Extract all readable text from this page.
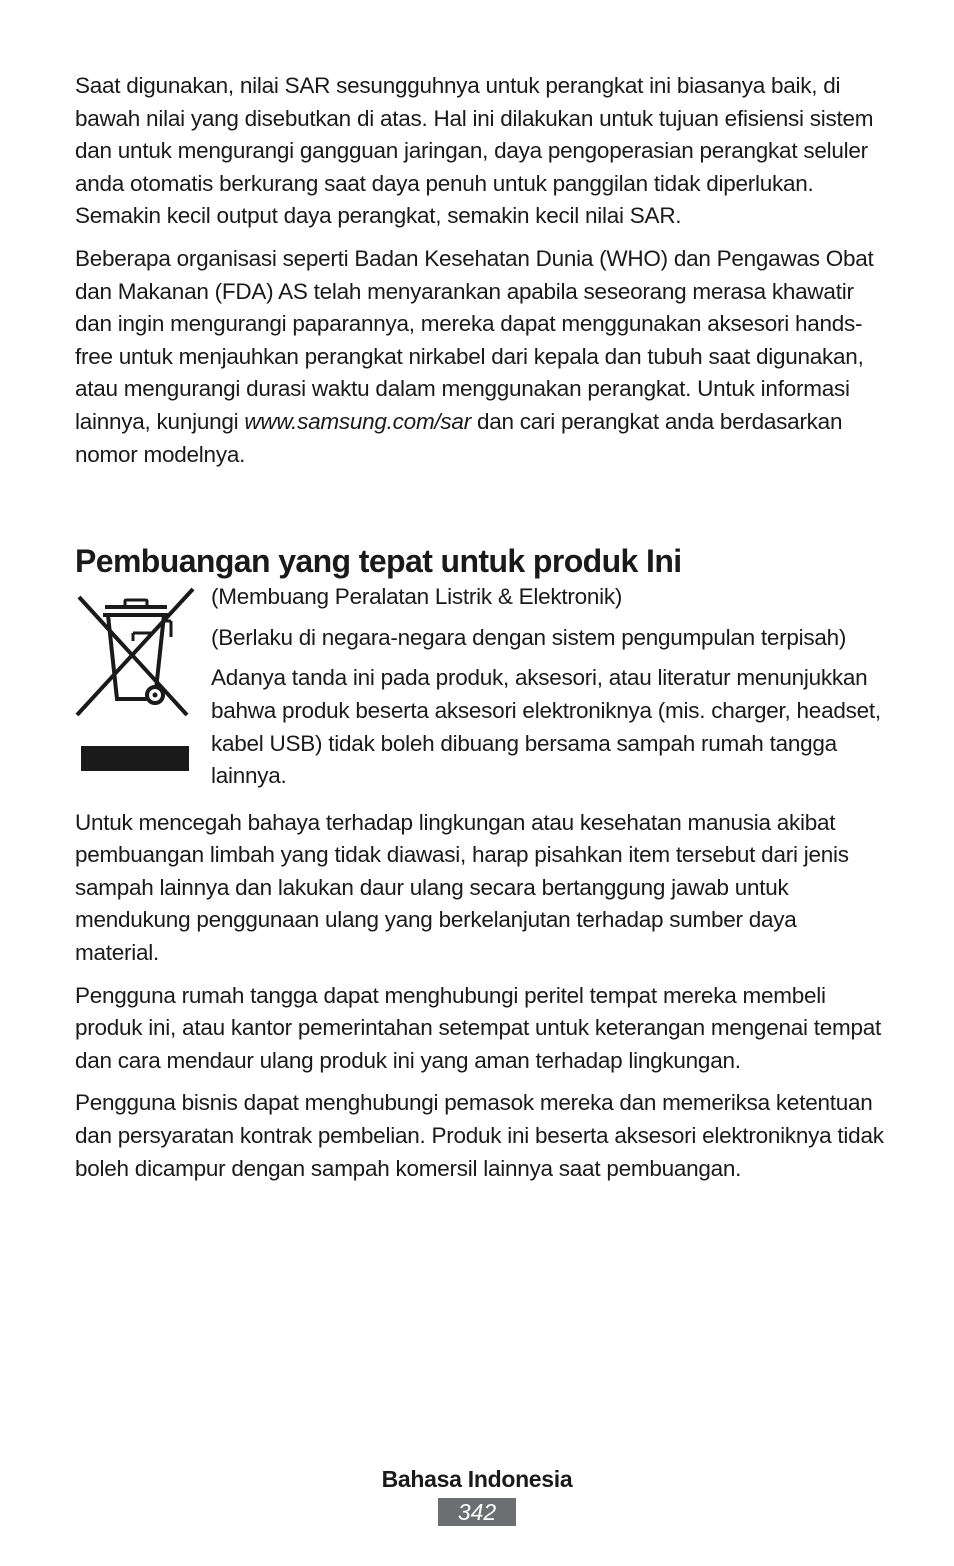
Saat digunakan, nilai SAR sesungguhnya untuk perangkat ini biasanya baik, di bawah nilai yang disebutkan di atas. Hal ini dilakukan untuk tujuan efisiensi sistem dan untuk mengurangi gangguan jaringan, daya pengoperasian perangkat seluler anda otomatis berkurang saat daya penuh untuk panggilan tidak diperlukan. Semakin kecil output daya perangkat, semakin kecil nilai SAR.

Beberapa organisasi seperti Badan Kesehatan Dunia (WHO) dan Pengawas Obat dan Makanan (FDA) AS telah menyarankan apabila seseorang merasa khawatir dan ingin mengurangi paparannya, mereka dapat menggunakan aksesori hands-free untuk menjauhkan perangkat nirkabel dari kepala dan tubuh saat digunakan, atau mengurangi durasi waktu dalam menggunakan perangkat. Untuk informasi lainnya, kunjungi www.samsung.com/sar dan cari perangkat anda berdasarkan nomor modelnya.

Pembuangan yang tepat untuk produk Ini

(Membuang Peralatan Listrik & Elektronik)

(Berlaku di negara-negara dengan sistem pengumpulan terpisah)

Adanya tanda ini pada produk, aksesori, atau literatur menunjukkan bahwa produk beserta aksesori elektroniknya (mis. charger, headset, kabel USB) tidak boleh dibuang bersama sampah rumah tangga lainnya.

Untuk mencegah bahaya terhadap lingkungan atau kesehatan manusia akibat pembuangan limbah yang tidak diawasi, harap pisahkan item tersebut dari jenis sampah lainnya dan lakukan daur ulang secara bertanggung jawab untuk mendukung penggunaan ulang yang berkelanjutan terhadap sumber daya material.

Pengguna rumah tangga dapat menghubungi peritel tempat mereka membeli produk ini, atau kantor pemerintahan setempat untuk keterangan mengenai tempat dan cara mendaur ulang produk ini yang aman terhadap lingkungan.

Pengguna bisnis dapat menghubungi pemasok mereka dan memeriksa ketentuan dan persyaratan kontrak pembelian. Produk ini beserta aksesori elektroniknya tidak boleh dicampur dengan sampah komersil lainnya saat pembuangan.

Bahasa Indonesia
342
